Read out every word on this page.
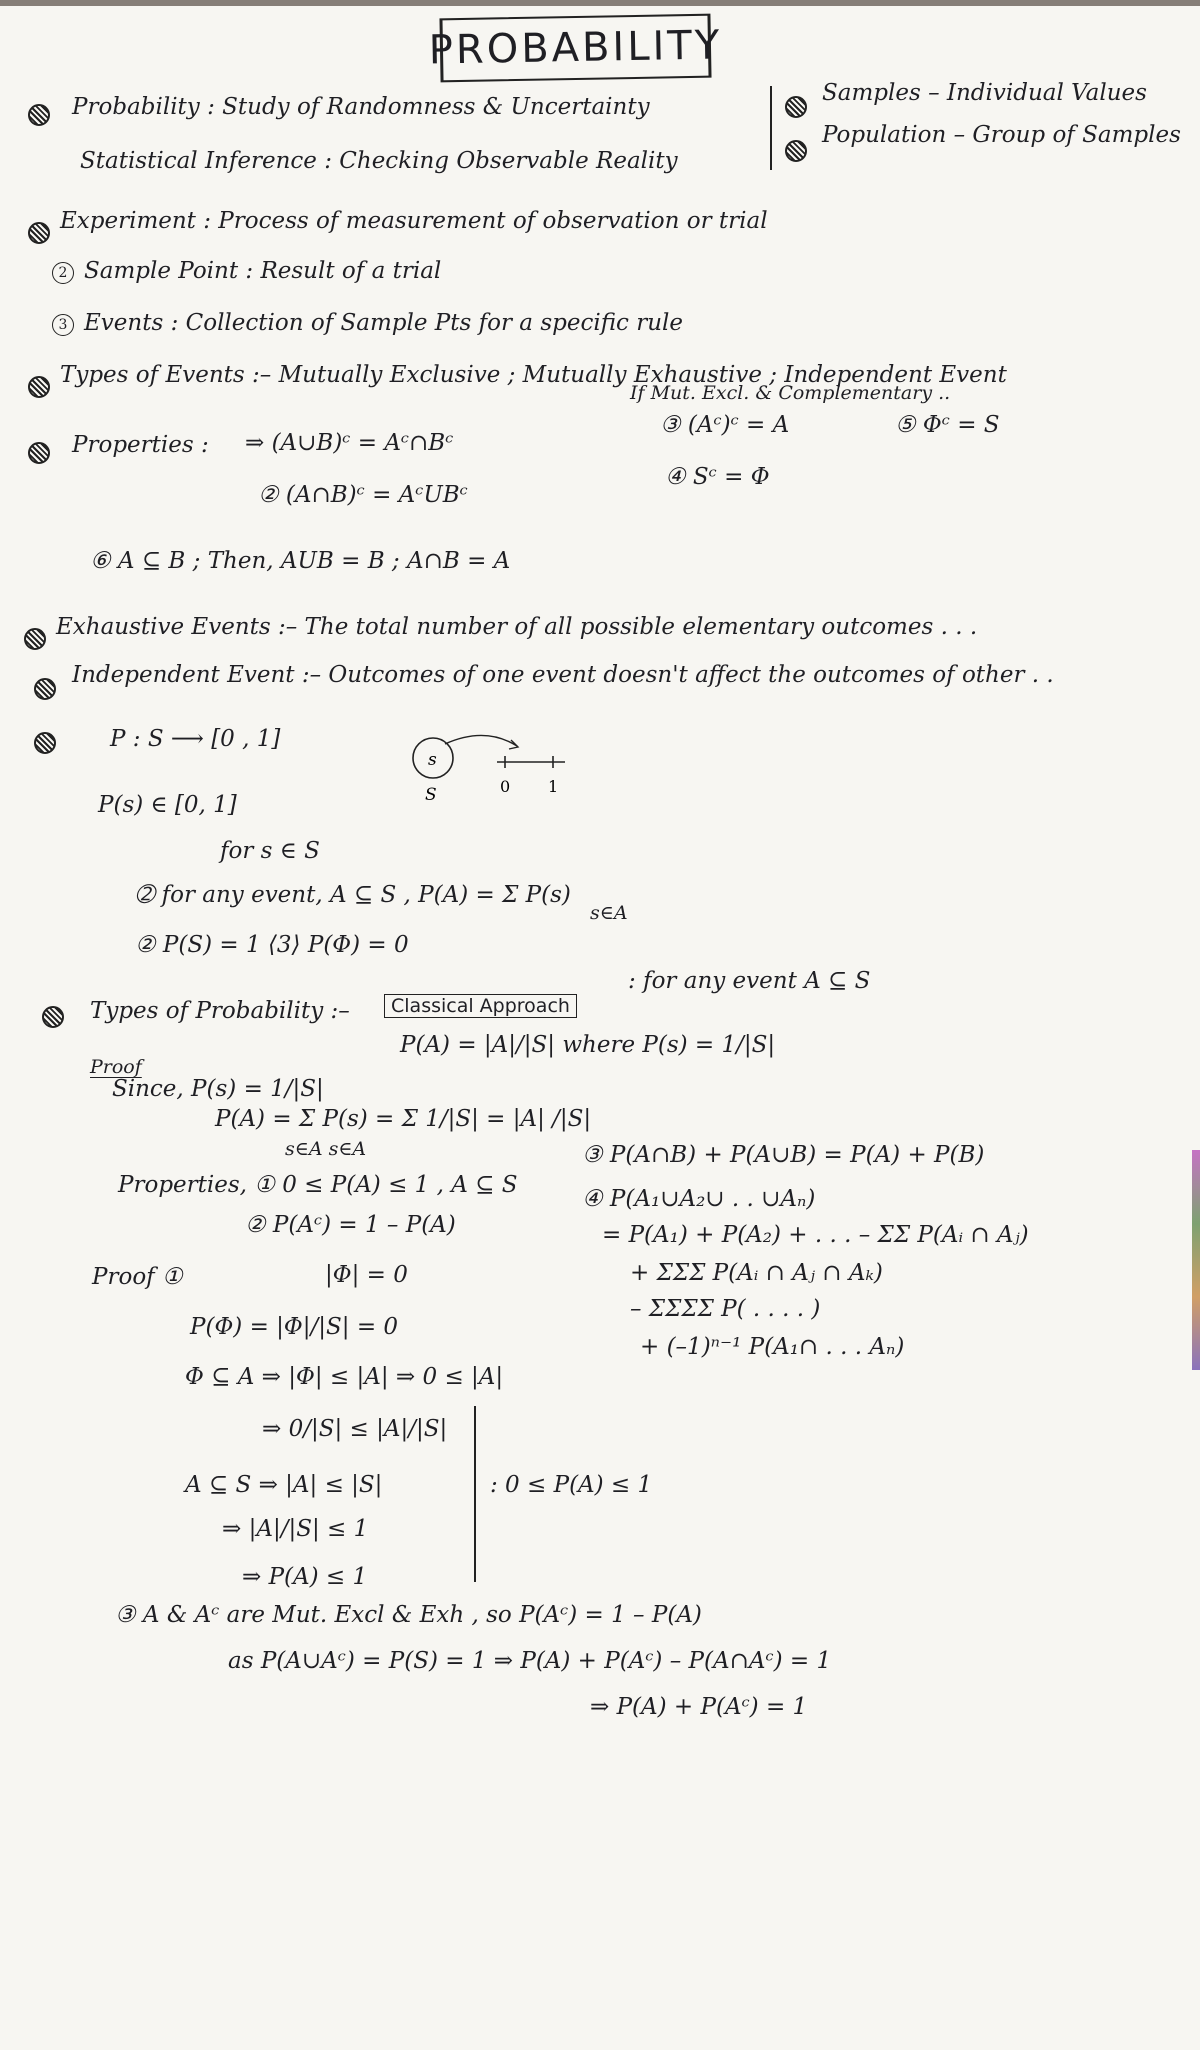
PROBABILITY
Probability : Study of Randomness & Uncertainty
Statistical Inference : Checking Observable Reality
Samples – Individual Values
Population – Group of Samples
Experiment : Process of measurement of observation or trial
2 Sample Point : Result of a trial
3 Events : Collection of Sample Pts for a specific rule
Types of Events :– Mutually Exclusive ; Mutually Exhaustive ; Independent Event
If Mut. Excl. & Complementary ..
Properties : ⇒ (A∪B)ᶜ = Aᶜ∩Bᶜ
③ (Aᶜ)ᶜ = A	⑤ Φᶜ = S
② (A∩B)ᶜ = AᶜUBᶜ
④ Sᶜ = Φ
⑥ A ⊆ B ; Then, AUB = B ; A∩B = A
Exhaustive Events :– The total number of all possible elementary outcomes . . .
Independent Event :– Outcomes of one event doesn't affect the outcomes of other . .
P : S ⟶ [0 , 1]
s
S	0 1
P(s) ∈ [0, 1]
for s ∈ S
➁ for any event, A ⊆ S , P(A) = Σ P(s)
s∈A
② P(S) = 1 ⟨3⟩ P(Φ) = 0
Types of Probability :–	Classical Approach
: for any event A ⊆ S
P(A) = |A|/|S| where P(s) = 1/|S|
Proof
Since, P(s) = 1/|S|
P(A) = Σ P(s) = Σ 1/|S| = |A| /|S|
s∈A s∈A
Properties, ① 0 ≤ P(A) ≤ 1 , A ⊆ S
② P(Aᶜ) = 1 – P(A)
③ P(A∩B) + P(A∪B) = P(A) + P(B)
④ P(A₁∪A₂∪ . . ∪Aₙ)
= P(A₁) + P(A₂) + . . . – ΣΣ P(Aᵢ ∩ Aⱼ)
+ ΣΣΣ P(Aᵢ ∩ Aⱼ ∩ Aₖ)
– ΣΣΣΣ P( . . . . )
+ (–1)ⁿ⁻¹ P(A₁∩ . . . Aₙ)
Proof ①	|Φ| = 0
P(Φ) = |Φ|/|S| = 0
Φ ⊆ A ⇒ |Φ| ≤ |A| ⇒ 0 ≤ |A|
⇒ 0/|S| ≤ |A|/|S|
A ⊆ S ⇒ |A| ≤ |S|
⇒ |A|/|S| ≤ 1
⇒ P(A) ≤ 1
: 0 ≤ P(A) ≤ 1
③ A & Aᶜ are Mut. Excl & Exh , so P(Aᶜ) = 1 – P(A)
as P(A∪Aᶜ) = P(S) = 1 ⇒ P(A) + P(Aᶜ) – P(A∩Aᶜ) = 1
⇒ P(A) + P(Aᶜ) = 1
